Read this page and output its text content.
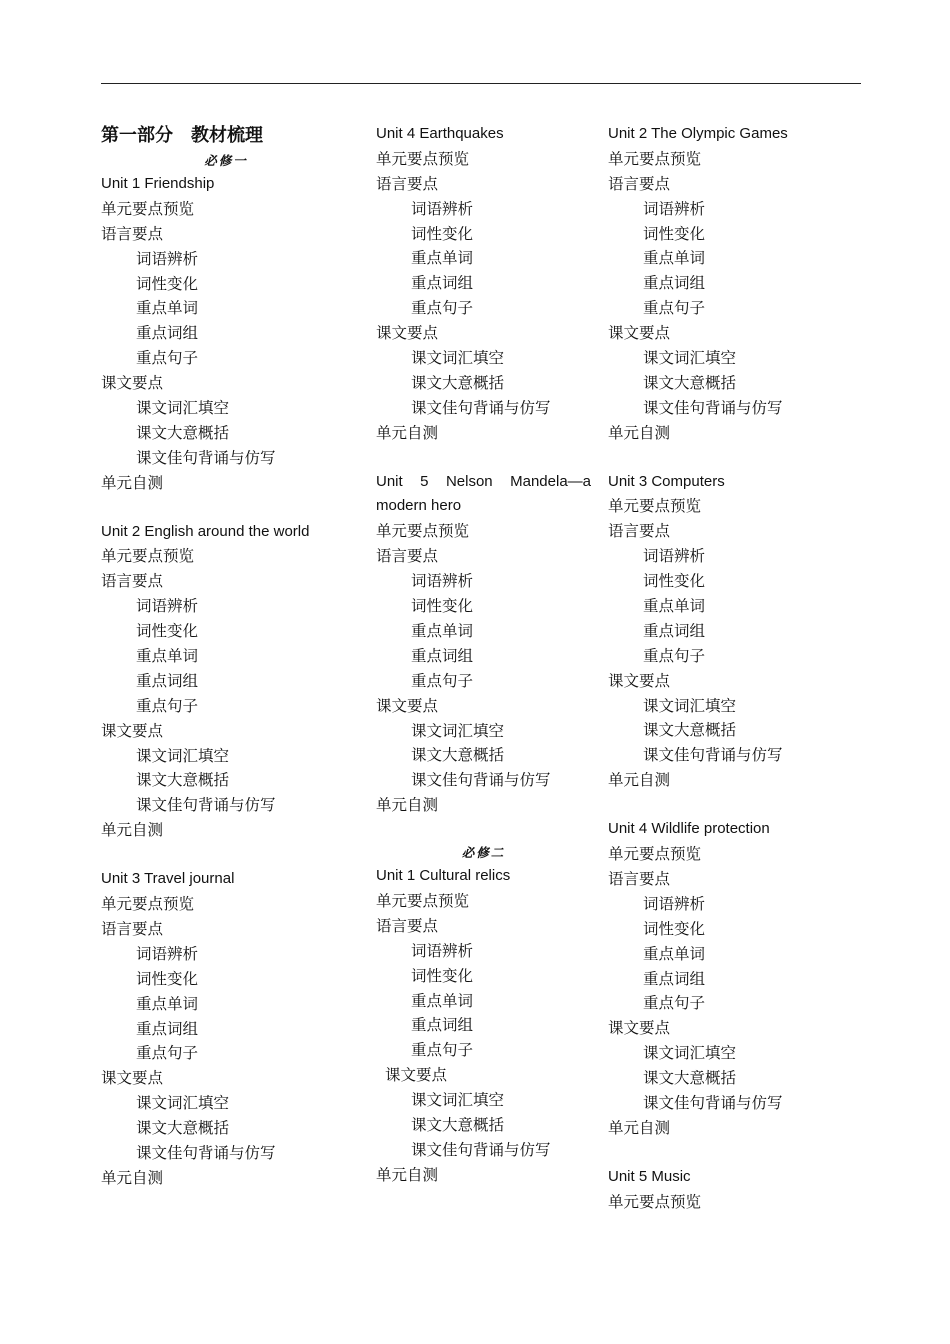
第一部分　教材梳理
必修一
Unit 1 Friendship
单元要点预览
语言要点
词语辨析
词性变化
重点单词
重点词组
重点句子
课文要点
课文词汇填空
课文大意概括
课文佳句背诵与仿写
单元自测
Unit 2 English around the world
单元要点预览
语言要点
词语辨析
词性变化
重点单词
重点词组
重点句子
课文要点
课文词汇填空
课文大意概括
课文佳句背诵与仿写
单元自测
Unit 3 Travel journal
单元要点预览
语言要点
词语辨析
词性变化
重点单词
重点词组
重点句子
课文要点
课文词汇填空
课文大意概括
课文佳句背诵与仿写
单元自测
Unit 4 Earthquakes
单元要点预览
语言要点
词语辨析
词性变化
重点单词
重点词组
重点句子
课文要点
课文词汇填空
课文大意概括
课文佳句背诵与仿写
单元自测
Unit 5 Nelson Mandela—a modern hero
单元要点预览
语言要点
词语辨析
词性变化
重点单词
重点词组
重点句子
课文要点
课文词汇填空
课文大意概括
课文佳句背诵与仿写
单元自测
必修二
Unit 1 Cultural relics
单元要点预览
语言要点
词语辨析
词性变化
重点单词
重点词组
重点句子
课文要点
课文词汇填空
课文大意概括
课文佳句背诵与仿写
单元自测
Unit 2 The Olympic Games
单元要点预览
语言要点
词语辨析
词性变化
重点单词
重点词组
重点句子
课文要点
课文词汇填空
课文大意概括
课文佳句背诵与仿写
单元自测
Unit 3 Computers
单元要点预览
语言要点
词语辨析
词性变化
重点单词
重点词组
重点句子
课文要点
课文词汇填空
课文大意概括
课文佳句背诵与仿写
单元自测
Unit 4 Wildlife protection
单元要点预览
语言要点
词语辨析
词性变化
重点单词
重点词组
重点句子
课文要点
课文词汇填空
课文大意概括
课文佳句背诵与仿写
单元自测
Unit 5 Music
单元要点预览
